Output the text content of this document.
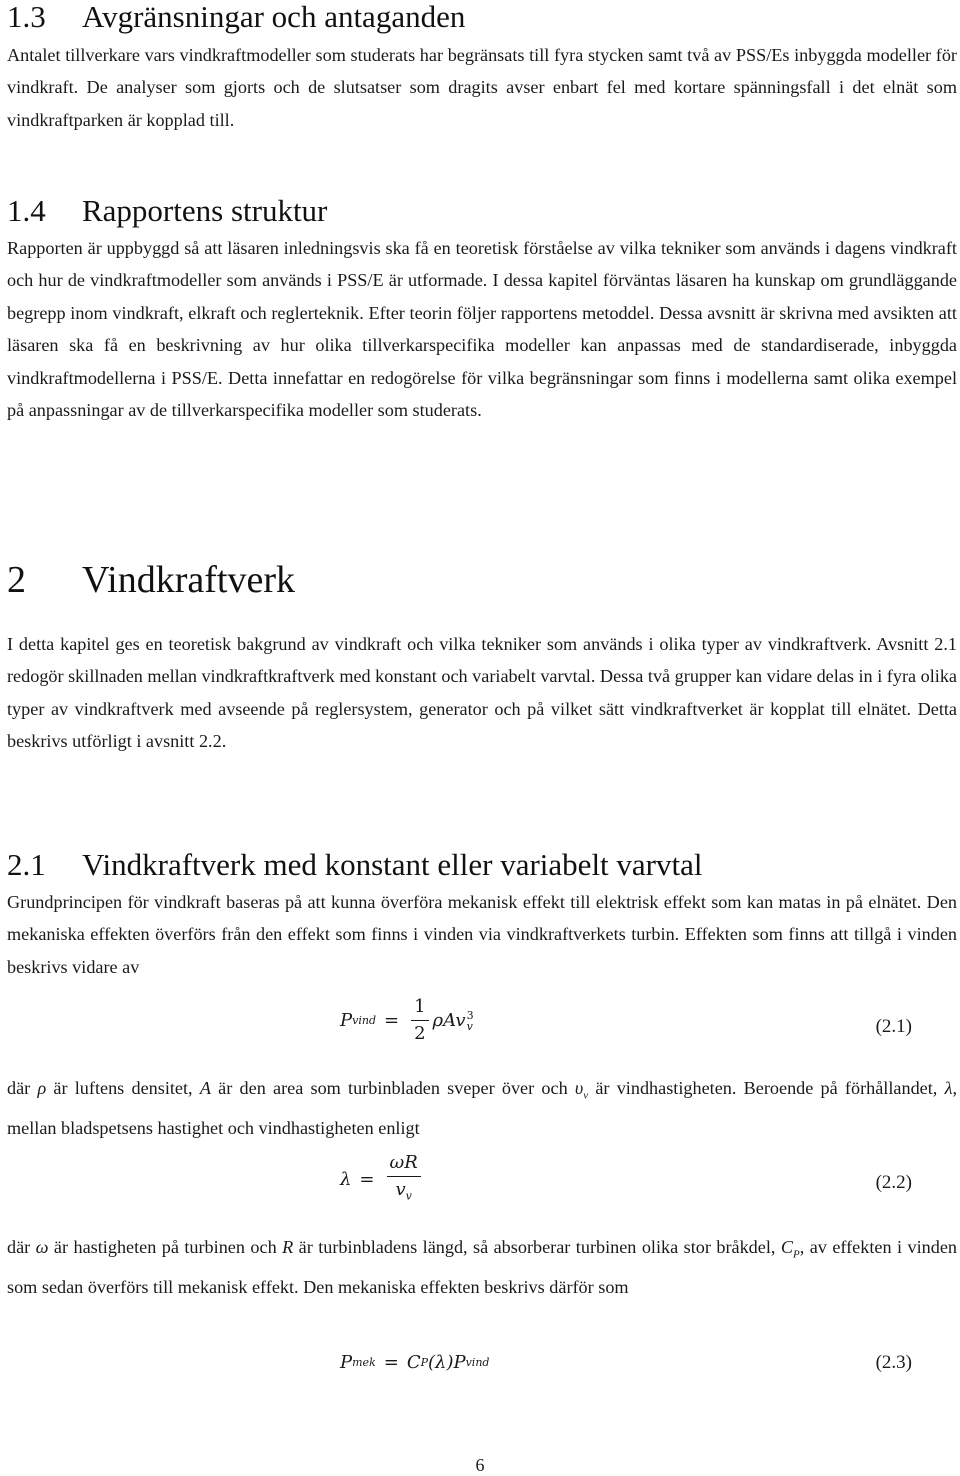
1.3	Avgränsningar och antaganden

Antalet tillverkare vars vindkraftmodeller som studerats har begränsats till fyra stycken samt två av PSS/Es inbyggda modeller för vindkraft. De analyser som gjorts och de slutsatser som dragits avser enbart fel med kortare spänningsfall i det elnät som vindkraftparken är kopplad till.

1.4	Rapportens struktur

Rapporten är uppbyggd så att läsaren inledningsvis ska få en teoretisk förståelse av vilka tekniker som används i dagens vindkraft och hur de vindkraftmodeller som används i PSS/E är utformade. I dessa kapitel förväntas läsaren ha kunskap om grundläggande begrepp inom vindkraft, elkraft och reglerteknik. Efter teorin följer rapportens metoddel. Dessa avsnitt är skrivna med avsikten att läsaren ska få en beskrivning av hur olika tillverkarspecifika modeller kan anpassas med de standardiserade, inbyggda vindkraftmodellerna i PSS/E. Detta innefattar en redogörelse för vilka begränsningar som finns i modellerna samt olika exempel på anpassningar av de tillverkarspecifika modeller som studerats.

2	Vindkraftverk

I detta kapitel ges en teoretisk bakgrund av vindkraft och vilka tekniker som används i olika typer av vindkraftverk. Avsnitt 2.1 redogör skillnaden mellan vindkraftkraftverk med konstant och variabelt varvtal. Dessa två grupper kan vidare delas in i fyra olika typer av vindkraftverk med avseende på reglersystem, generator och på vilket sätt vindkraftverket är kopplat till elnätet. Detta beskrivs utförligt i avsnitt 2.2.

2.1	Vindkraftverk med konstant eller variabelt varvtal

Grundprincipen för vindkraft baseras på att kunna överföra mekanisk effekt till elektrisk effekt som kan matas in på elnätet. Den mekaniska effekten överförs från den effekt som finns i vinden via vindkraftverkets turbin. Effekten som finns att tillgå i vinden beskrivs vidare av

P vind = $\frac{1}{2}$ ρAv 3
v	(2.1)

där ρ är luftens densitet, A är den area som turbinbladen sveper över och $\upsilon_v$ är vindhastigheten. Beroende på förhållandet, λ, mellan bladspetsens hastighet och vindhastigheten enligt

$\lambda = \frac{\omega R}{v_v}$	(2.2)

där ω är hastigheten på turbinen och R är turbinbladens längd, så absorberar turbinen olika stor bråkdel, $C_P$, av effekten i vinden som sedan överförs till mekanisk effekt. Den mekaniska effekten beskrivs därför som

P mek = C P (λ)P vind	(2.3)
6
